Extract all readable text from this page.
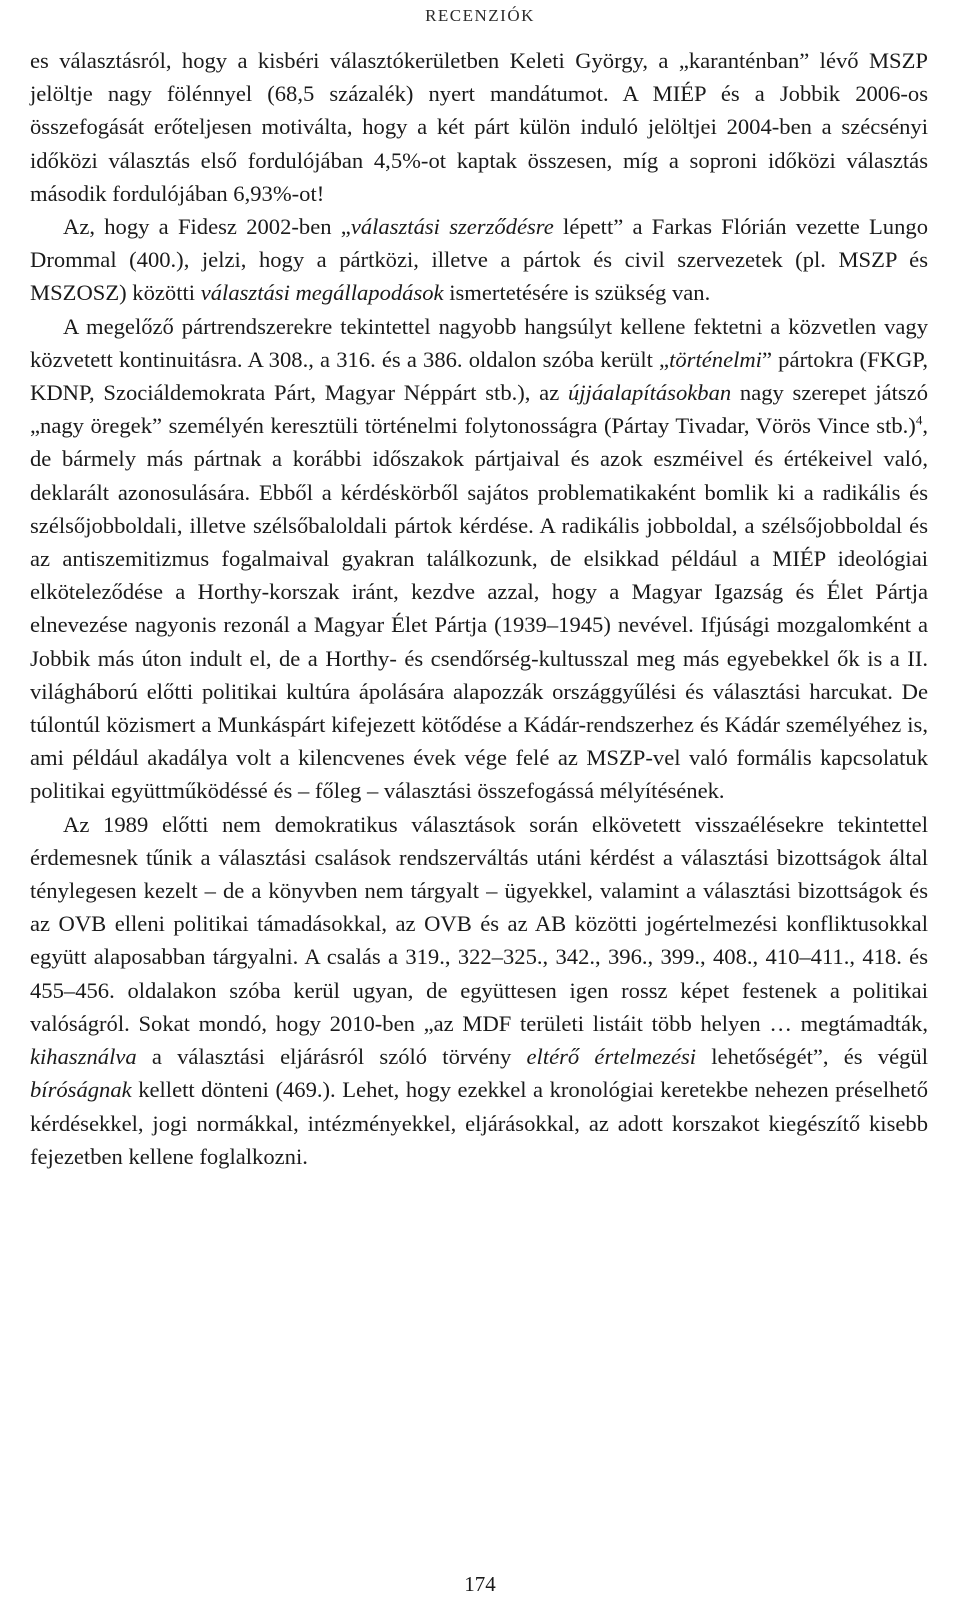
RECENZIÓK

es választásról, hogy a kisbéri választókerületben Keleti György, a „karanténban” lévő MSZP jelöltje nagy fölénnyel (68,5 százalék) nyert mandátumot. A MIÉP és a Jobbik 2006-os összefogását erőteljesen motiválta, hogy a két párt külön induló jelöltjei 2004-ben a szécsényi időközi választás első fordulójában 4,5%-ot kaptak összesen, míg a soproni időközi választás második fordulójában 6,93%-ot!

Az, hogy a Fidesz 2002-ben „választási szerződésre lépett” a Farkas Flórián vezette Lungo Drommal (400.), jelzi, hogy a pártközi, illetve a pártok és civil szervezetek (pl. MSZP és MSZOSZ) közötti választási megállapodások ismertetésére is szükség van.

A megelőző pártrendszerekre tekintettel nagyobb hangsúlyt kellene fektetni a közvetlen vagy közvetett kontinuitásra. A 308., a 316. és a 386. oldalon szóba került „történelmi” pártokra (FKGP, KDNP, Szociáldemokrata Párt, Magyar Néppárt stb.), az újjáalapításokban nagy szerepet játszó „nagy öregek” személyén keresztüli történelmi folytonosságra (Pártay Tivadar, Vörös Vince stb.)$^4$, de bármely más pártnak a korábbi időszakok pártjaival és azok eszméivel és értékeivel való, deklarált azonosulására. Ebből a kérdéskörből sajátos problematikaként bomlik ki a radikális és szélsőjobboldali, illetve szélsőbaloldali pártok kérdése. A radikális jobboldal, a szélsőjobboldal és az antiszemitizmus fogalmaival gyakran találkozunk, de elsikkad például a MIÉP ideológiai elköteleződése a Horthy-korszak iránt, kezdve azzal, hogy a Magyar Igazság és Élet Pártja elnevezése nagyonis rezonál a Magyar Élet Pártja (1939–1945) nevével. Ifjúsági mozgalomként a Jobbik más úton indult el, de a Horthy- és csendőrség-kultusszal meg más egyebekkel ők is a II. világháború előtti politikai kultúra ápolására alapozzák országgyűlési és választási harcukat. De túlontúl közismert a Munkáspárt kifejezett kötődése a Kádár-rendszerhez és Kádár személyéhez is, ami például akadálya volt a kilencvenes évek vége felé az MSZP-vel való formális kapcsolatuk politikai együttműködéssé és – főleg – választási összefogássá mélyítésének.

Az 1989 előtti nem demokratikus választások során elkövetett visszaélésekre tekintettel érdemesnek tűnik a választási csalások rendszerváltás utáni kérdést a választási bizottságok által ténylegesen kezelt – de a könyvben nem tárgyalt – ügyekkel, valamint a választási bizottságok és az OVB elleni politikai támadásokkal, az OVB és az AB közötti jogértelmezési konfliktusokkal együtt alaposabban tárgyalni. A csalás a 319., 322–325., 342., 396., 399., 408., 410–411., 418. és 455–456. oldalakon szóba kerül ugyan, de együttesen igen rossz képet festenek a politikai valóságról. Sokat mondó, hogy 2010-ben „az MDF területi listáit több helyen … megtámadták, kihasználva a választási eljárásról szóló törvény eltérő értelmezési lehetőségét”, és végül bíróságnak kellett dönteni (469.). Lehet, hogy ezekkel a kronológiai keretekbe nehezen préselhető kérdésekkel, jogi normákkal, intézményekkel, eljárásokkal, az adott korszakot kiegészítő kisebb fejezetben kellene foglalkozni.

174
